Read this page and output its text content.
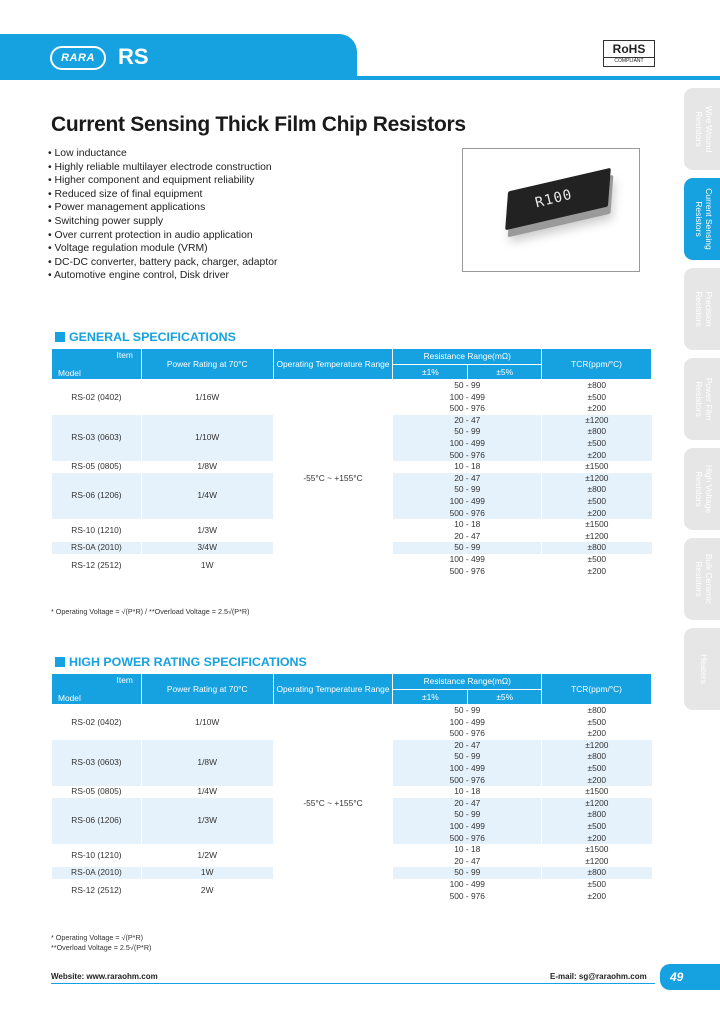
RARA	RS	RoHS
COMPLIANT
Current Sensing Thick Film Chip Resistors
• Low inductance
• Highly reliable multilayer electrode construction
• Higher component and equipment reliability
• Reduced size of final equipment
• Power management applications
• Switching power supply
• Over current protection in audio application
• Voltage regulation module (VRM)
• DC-DC converter, battery pack, charger, adaptor
• Automotive engine control, Disk driver
R100
GENERAL SPECIFICATIONS
Item
Model	Power Rating at 70°C	Operating Temperature Range	Resistance Range(mΩ)		TCR(ppm/°C)
			±1%	±5%	
RS-02 (0402)	1/16W	-55°C ~ +155°C	50 - 99		±800
			100 - 499		±500
			500 - 976		±200
RS-03 (0603)	1/10W		20 - 47		±1200
			50 - 99		±800
			100 - 499		±500
			500 - 976		±200
RS-05 (0805)	1/8W		10 - 18		±1500
RS-06 (1206)	1/4W		20 - 47		±1200
			50 - 99		±800
			100 - 499		±500
			500 - 976		±200
RS-10 (1210)	1/3W		10 - 18		±1500
			20 - 47		±1200
RS-0A (2010)	3/4W		50 - 99		±800
RS-12 (2512)	1W		100 - 499		±500
			500 - 976		±200
* Operating Voltage = √(P*R) / **Overload Voltage = 2.5√(P*R)
HIGH POWER RATING SPECIFICATIONS
Item
Model	Power Rating at 70°C	Operating Temperature Range	Resistance Range(mΩ)		TCR(ppm/°C)
			±1%	±5%	
RS-02 (0402)	1/10W	-55°C ~ +155°C	50 - 99		±800
			100 - 499		±500
			500 - 976		±200
RS-03 (0603)	1/8W		20 - 47		±1200
			50 - 99		±800
			100 - 499		±500
			500 - 976		±200
RS-05 (0805)	1/4W		10 - 18		±1500
RS-06 (1206)	1/3W		20 - 47		±1200
			50 - 99		±800
			100 - 499		±500
			500 - 976		±200
RS-10 (1210)	1/2W		10 - 18		±1500
			20 - 47		±1200
RS-0A (2010)	1W		50 - 99		±800
RS-12 (2512)	2W		100 - 499		±500
			500 - 976		±200
* Operating Voltage = √(P*R)
**Overload Voltage = 2.5√(P*R)
Wire Wound
Resistors
Current Sensing
Resistors
Precision
Resistors
Power Film
Resistors
High Voltage
Resistors
Bulk Ceramic
Resistors
Heaters
Website: www.raraohm.com	E-mail: sg@raraohm.com	49
